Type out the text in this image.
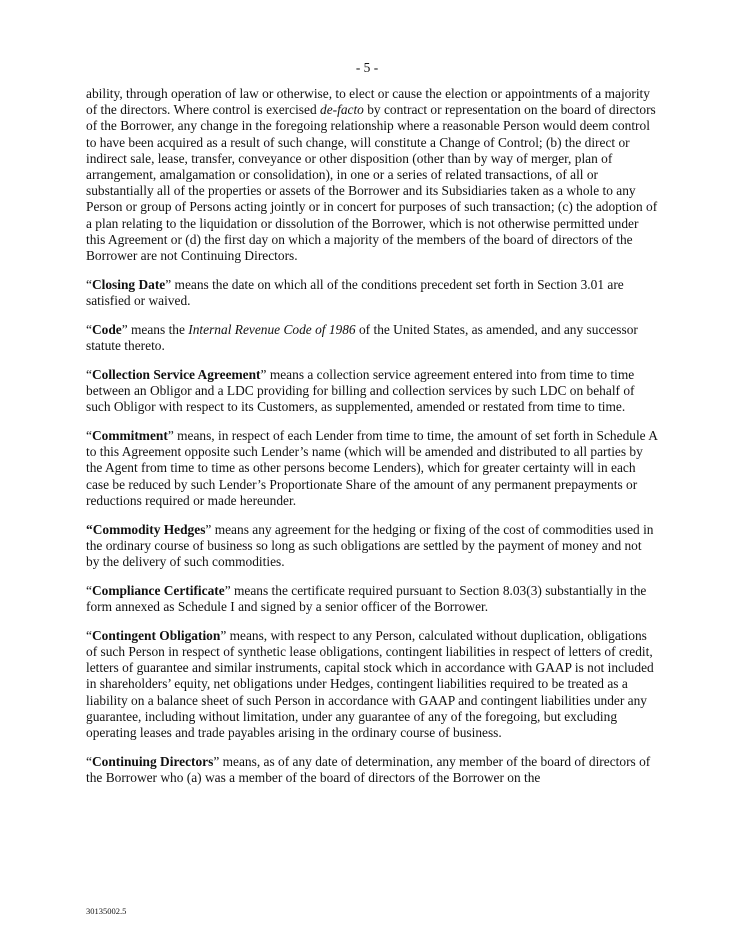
- 5 -

ability, through operation of law or otherwise, to elect or cause the election or appointments of a majority of the directors. Where control is exercised de-facto by contract or representation on the board of directors of the Borrower, any change in the foregoing relationship where a reasonable Person would deem control to have been acquired as a result of such change, will constitute a Change of Control; (b) the direct or indirect sale, lease, transfer, conveyance or other disposition (other than by way of merger, plan of arrangement, amalgamation or consolidation), in one or a series of related transactions, of all or substantially all of the properties or assets of the Borrower and its Subsidiaries taken as a whole to any Person or group of Persons acting jointly or in concert for purposes of such transaction; (c) the adoption of a plan relating to the liquidation or dissolution of the Borrower, which is not otherwise permitted under this Agreement or (d) the first day on which a majority of the members of the board of directors of the Borrower are not Continuing Directors.

“Closing Date” means the date on which all of the conditions precedent set forth in Section 3.01 are satisfied or waived.

“Code” means the Internal Revenue Code of 1986 of the United States, as amended, and any successor statute thereto.

“Collection Service Agreement” means a collection service agreement entered into from time to time between an Obligor and a LDC providing for billing and collection services by such LDC on behalf of such Obligor with respect to its Customers, as supplemented, amended or restated from time to time.

“Commitment” means, in respect of each Lender from time to time, the amount of set forth in Schedule A to this Agreement opposite such Lender’s name (which will be amended and distributed to all parties by the Agent from time to time as other persons become Lenders), which for greater certainty will in each case be reduced by such Lender’s Proportionate Share of the amount of any permanent prepayments or reductions required or made hereunder.

“Commodity Hedges” means any agreement for the hedging or fixing of the cost of commodities used in the ordinary course of business so long as such obligations are settled by the payment of money and not by the delivery of such commodities.

“Compliance Certificate” means the certificate required pursuant to Section 8.03(3) substantially in the form annexed as Schedule I and signed by a senior officer of the Borrower.

“Contingent Obligation” means, with respect to any Person, calculated without duplication, obligations of such Person in respect of synthetic lease obligations, contingent liabilities in respect of letters of credit, letters of guarantee and similar instruments, capital stock which in accordance with GAAP is not included in shareholders’ equity, net obligations under Hedges, contingent liabilities required to be treated as a liability on a balance sheet of such Person in accordance with GAAP and contingent liabilities under any guarantee, including without limitation, under any guarantee of any of the foregoing, but excluding operating leases and trade payables arising in the ordinary course of business.

“Continuing Directors” means, as of any date of determination, any member of the board of directors of the Borrower who (a) was a member of the board of directors of the Borrower on the

30135002.5
